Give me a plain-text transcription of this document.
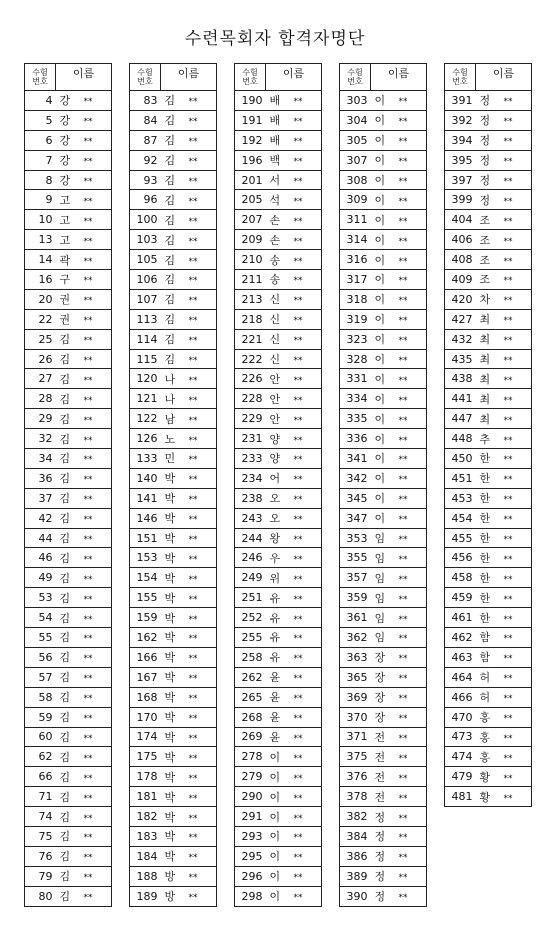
수련목회자 합격자명단
수험
번호	이름
4	강 **
5	강 **
6	강 **
7	강 **
8	강 **
9	고 **
10	고 **
13	고 **
14	곽 **
16	구 **
20	권 **
22	권 **
25	김 **
26	김 **
27	김 **
28	김 **
29	김 **
32	김 **
34	김 **
36	김 **
37	김 **
42	김 **
44	김 **
46	김 **
49	김 **
53	김 **
54	김 **
55	김 **
56	김 **
57	김 **
58	김 **
59	김 **
60	김 **
62	김 **
66	김 **
71	김 **
74	김 **
75	김 **
76	김 **
79	김 **
80	김 **
수험
번호	이름
83	김 **
84	김 **
87	김 **
92	김 **
93	김 **
96	김 **
100	김 **
103	김 **
105	김 **
106	김 **
107	김 **
113	김 **
114	김 **
115	김 **
120	나 **
121	나 **
122	남 **
126	노 **
133	민 **
140	박 **
141	박 **
146	박 **
151	박 **
153	박 **
154	박 **
155	박 **
159	박 **
162	박 **
166	박 **
167	박 **
168	박 **
170	박 **
174	박 **
175	박 **
178	박 **
181	박 **
182	박 **
183	박 **
184	박 **
188	방 **
189	방 **
수험
번호	이름
190	배 **
191	배 **
192	배 **
196	백 **
201	서 **
205	석 **
207	손 **
209	손 **
210	송 **
211	송 **
213	신 **
218	신 **
221	신 **
222	신 **
226	안 **
228	안 **
229	안 **
231	양 **
233	양 **
234	어 **
238	오 **
243	오 **
244	왕 **
246	우 **
249	위 **
251	유 **
252	유 **
255	유 **
258	유 **
262	윤 **
265	윤 **
268	윤 **
269	윤 **
278	이 **
279	이 **
290	이 **
291	이 **
293	이 **
295	이 **
296	이 **
298	이 **
수험
번호	이름
303	이 **
304	이 **
305	이 **
307	이 **
308	이 **
309	이 **
311	이 **
314	이 **
316	이 **
317	이 **
318	이 **
319	이 **
323	이 **
328	이 **
331	이 **
334	이 **
335	이 **
336	이 **
341	이 **
342	이 **
345	이 **
347	이 **
353	임 **
355	임 **
357	임 **
359	임 **
361	임 **
362	임 **
363	장 **
365	장 **
369	장 **
370	장 **
371	전 **
375	전 **
376	전 **
378	전 **
382	정 **
384	정 **
386	정 **
389	정 **
390	정 **
수험
번호	이름
391	정 **
392	정 **
394	정 **
395	정 **
397	정 **
399	정 **
404	조 **
406	조 **
408	조 **
409	조 **
420	차 **
427	최 **
432	최 **
435	최 **
438	최 **
441	최 **
447	최 **
448	추 **
450	한 **
451	한 **
453	한 **
454	한 **
455	한 **
456	한 **
458	한 **
459	한 **
461	한 **
462	함 **
463	함 **
464	허 **
466	허 **
470	홍 **
473	홍 **
474	홍 **
479	황 **
481	황 **
